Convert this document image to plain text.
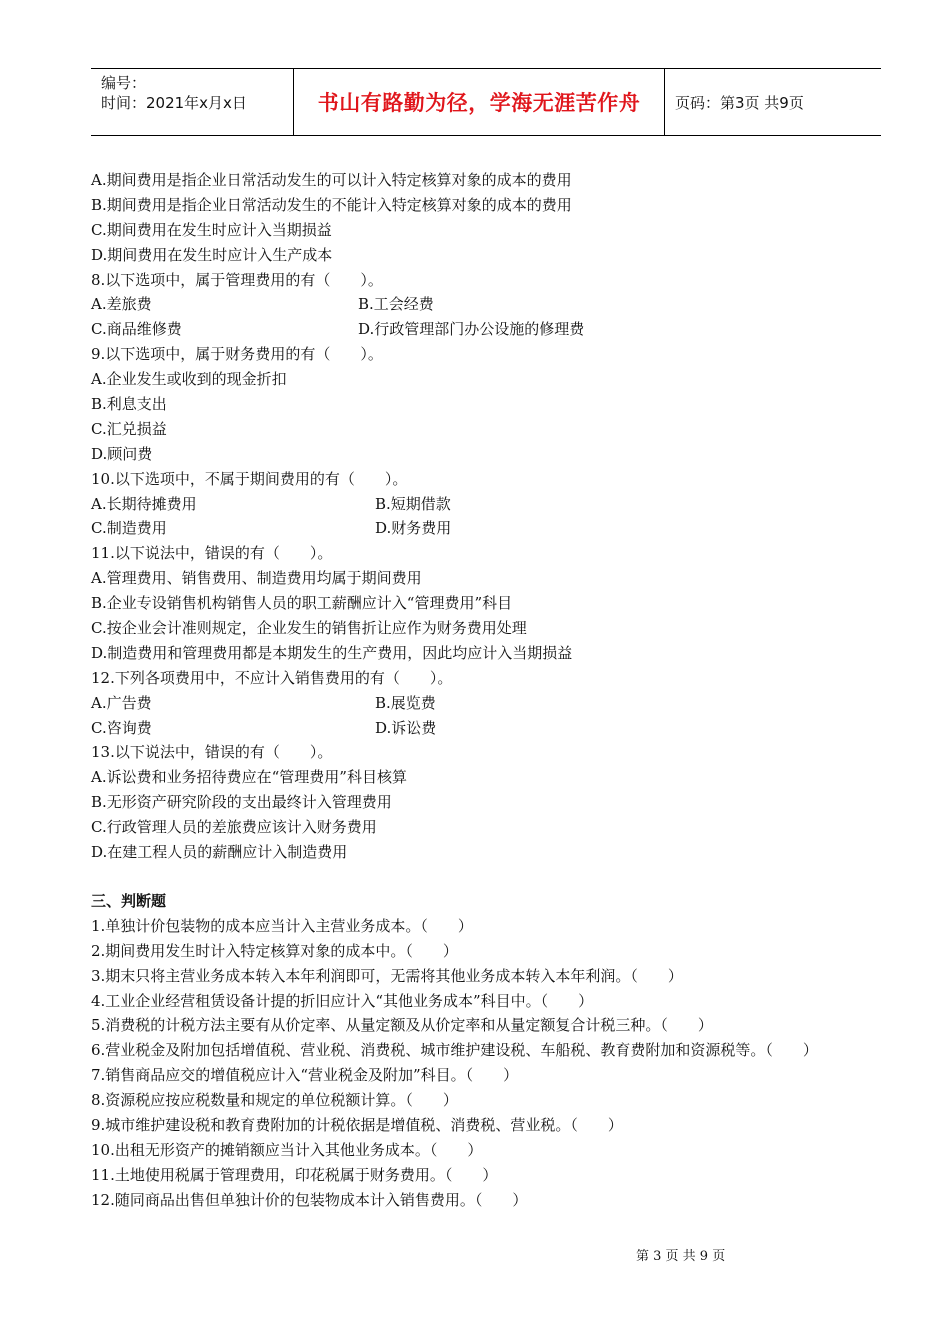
编号：
时间：2021年x月x日	书山有路勤为径，学海无涯苦作舟	页码：第3页 共9页
A.期间费用是指企业日常活动发生的可以计入特定核算对象的成本的费用
B.期间费用是指企业日常活动发生的不能计入特定核算对象的成本的费用
C.期间费用在发生时应计入当期损益
D.期间费用在发生时应计入生产成本
8.以下选项中，属于管理费用的有（　　）。
A.差旅费	B.工会经费
C.商品维修费	D.行政管理部门办公设施的修理费
9.以下选项中，属于财务费用的有（　　）。
A.企业发生或收到的现金折扣
B.利息支出
C.汇兑损益
D.顾问费
10.以下选项中，不属于期间费用的有（　　）。
A.长期待摊费用	B.短期借款
C.制造费用	D.财务费用
11.以下说法中，错误的有（　　）。
A.管理费用、销售费用、制造费用均属于期间费用
B.企业专设销售机构销售人员的职工薪酬应计入“管理费用”科目
C.按企业会计准则规定，企业发生的销售折让应作为财务费用处理
D.制造费用和管理费用都是本期发生的生产费用，因此均应计入当期损益
12.下列各项费用中，不应计入销售费用的有（　　）。
A.广告费	B.展览费
C.咨询费	D.诉讼费
13.以下说法中，错误的有（　　）。
A.诉讼费和业务招待费应在“管理费用”科目核算
B.无形资产研究阶段的支出最终计入管理费用
C.行政管理人员的差旅费应该计入财务费用
D.在建工程人员的薪酬应计入制造费用
三、判断题
1.单独计价包装物的成本应当计入主营业务成本。（　　）
2.期间费用发生时计入特定核算对象的成本中。（　　）
3.期末只将主营业务成本转入本年利润即可，无需将其他业务成本转入本年利润。（　　）
4.工业企业经营租赁设备计提的折旧应计入“其他业务成本”科目中。（　　）
5.消费税的计税方法主要有从价定率、从量定额及从价定率和从量定额复合计税三种。（　　）
6.营业税金及附加包括增值税、营业税、消费税、城市维护建设税、车船税、教育费附加和资源税等。（　　）
7.销售商品应交的增值税应计入“营业税金及附加”科目。（　　）
8.资源税应按应税数量和规定的单位税额计算。（　　）
9.城市维护建设税和教育费附加的计税依据是增值税、消费税、营业税。（　　）
10.出租无形资产的摊销额应当计入其他业务成本。（　　）
11.土地使用税属于管理费用，印花税属于财务费用。（　　）
12.随同商品出售但单独计价的包装物成本计入销售费用。（　　）
第 3 页 共 9 页
